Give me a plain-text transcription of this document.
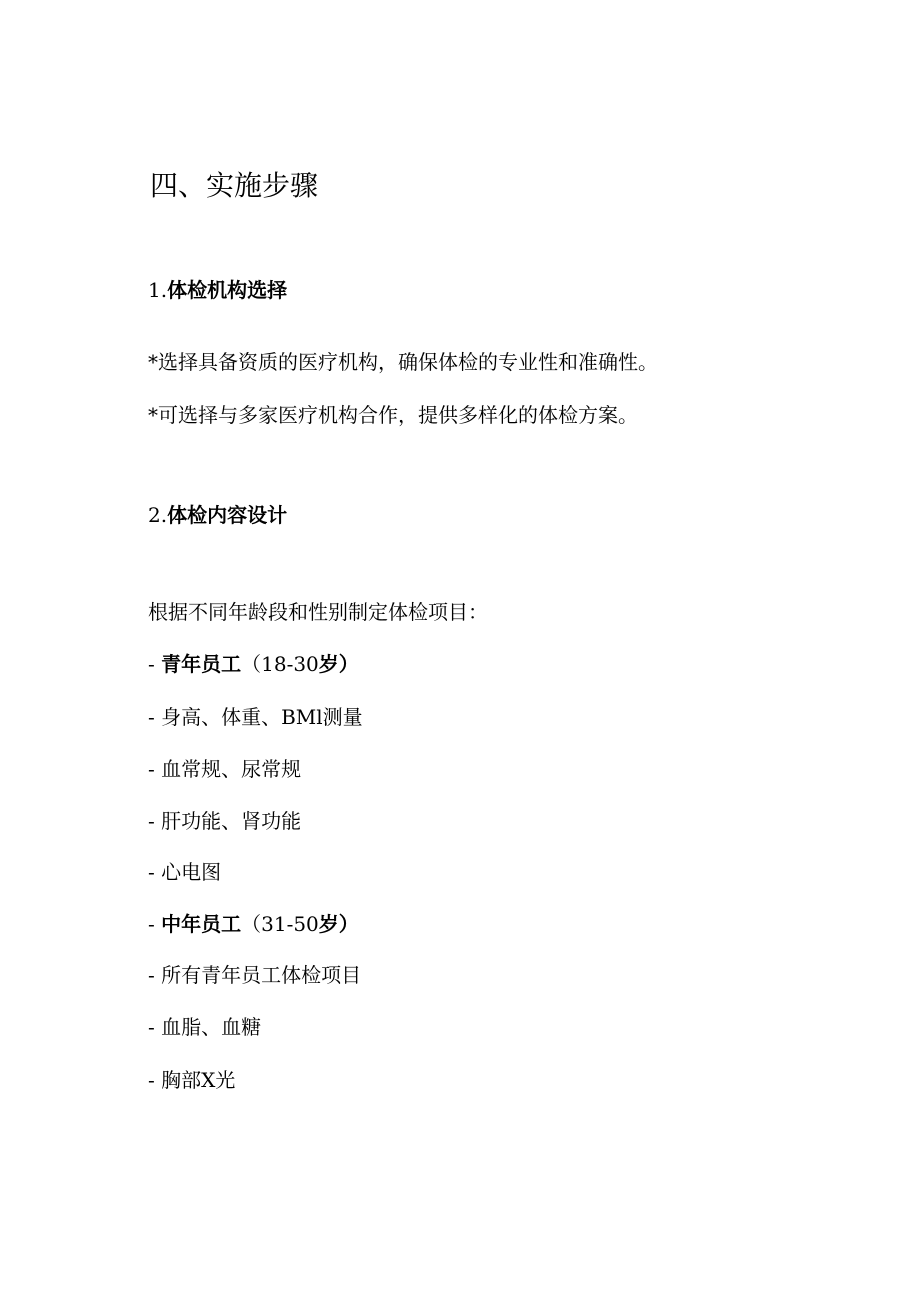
四、实施步骤
1.体检机构选择
*选择具备资质的医疗机构，确保体检的专业性和准确性。
*可选择与多家医疗机构合作，提供多样化的体检方案。
2.体检内容设计
根据不同年龄段和性别制定体检项目：
- 青年员工（18-30岁）
- 身高、体重、BMl测量
- 血常规、尿常规
- 肝功能、肾功能
- 心电图
- 中年员工（31-50岁）
- 所有青年员工体检项目
- 血脂、血糖
- 胸部X光
